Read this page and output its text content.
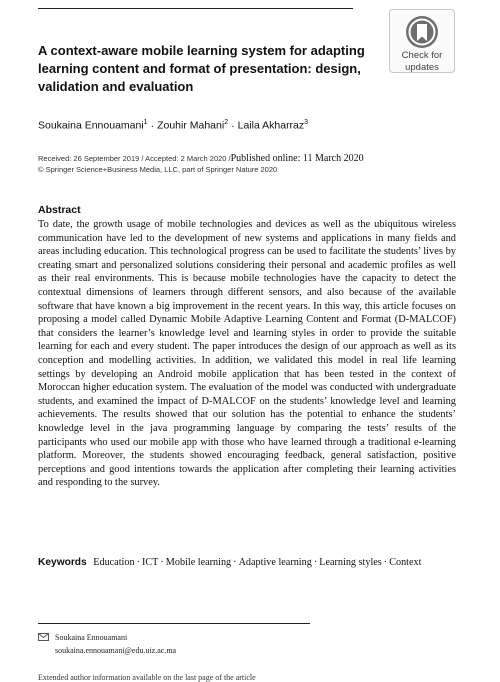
Check for
updates
A context-aware mobile learning system for adapting learning content and format of presentation: design, validation and evaluation
Soukaina Ennouamani$^1$ · Zouhir Mahani$^2$ · Laila Akharraz$^3$
Received: 26 September 2019 / Accepted: 2 March 2020 /Published online: 11 March 2020
© Springer Science+Business Media, LLC, part of Springer Nature 2020
Abstract

To date, the growth usage of mobile technologies and devices as well as the ubiquitous wireless communication have led to the development of new systems and applications in many fields and areas including education. This technological progress can be used to facilitate the students’ lives by creating smart and personalized solutions considering their personal and academic profiles as well as their real environments. This is because mobile technologies have the capacity to detect the contextual dimensions of learners through different sensors, and also because of the available software that have known a big improvement in the recent years. In this way, this article focuses on proposing a model called Dynamic Mobile Adaptive Learning Content and Format (D-MALCOF) that considers the learner’s knowledge level and learning styles in order to provide the suitable learning for each and every student. The paper introduces the design of our approach as well as its conception and modelling activities. In addition, we validated this model in real life learning settings by developing an Android mobile application that has been tested in the context of Moroccan higher education system. The evaluation of the model was conducted with undergraduate students, and examined the impact of D-MALCOF on the students’ knowledge level and learning achievements. The results showed that our solution has the potential to enhance the students’ knowledge level in the java programming language by comparing the tests’ results of the participants who used our mobile app with those who have learned through a traditional e-learning platform. Moreover, the students showed encouraging feedback, general satisfaction, positive perceptions and good intentions towards the application after completing their learning activities and responding to the survey.

Keywords Education · ICT · Mobile learning · Adaptive learning · Learning styles · Context
Soukaina Ennouamani
soukaina.ennouamani@edu.uiz.ac.ma
Extended author information available on the last page of the article
